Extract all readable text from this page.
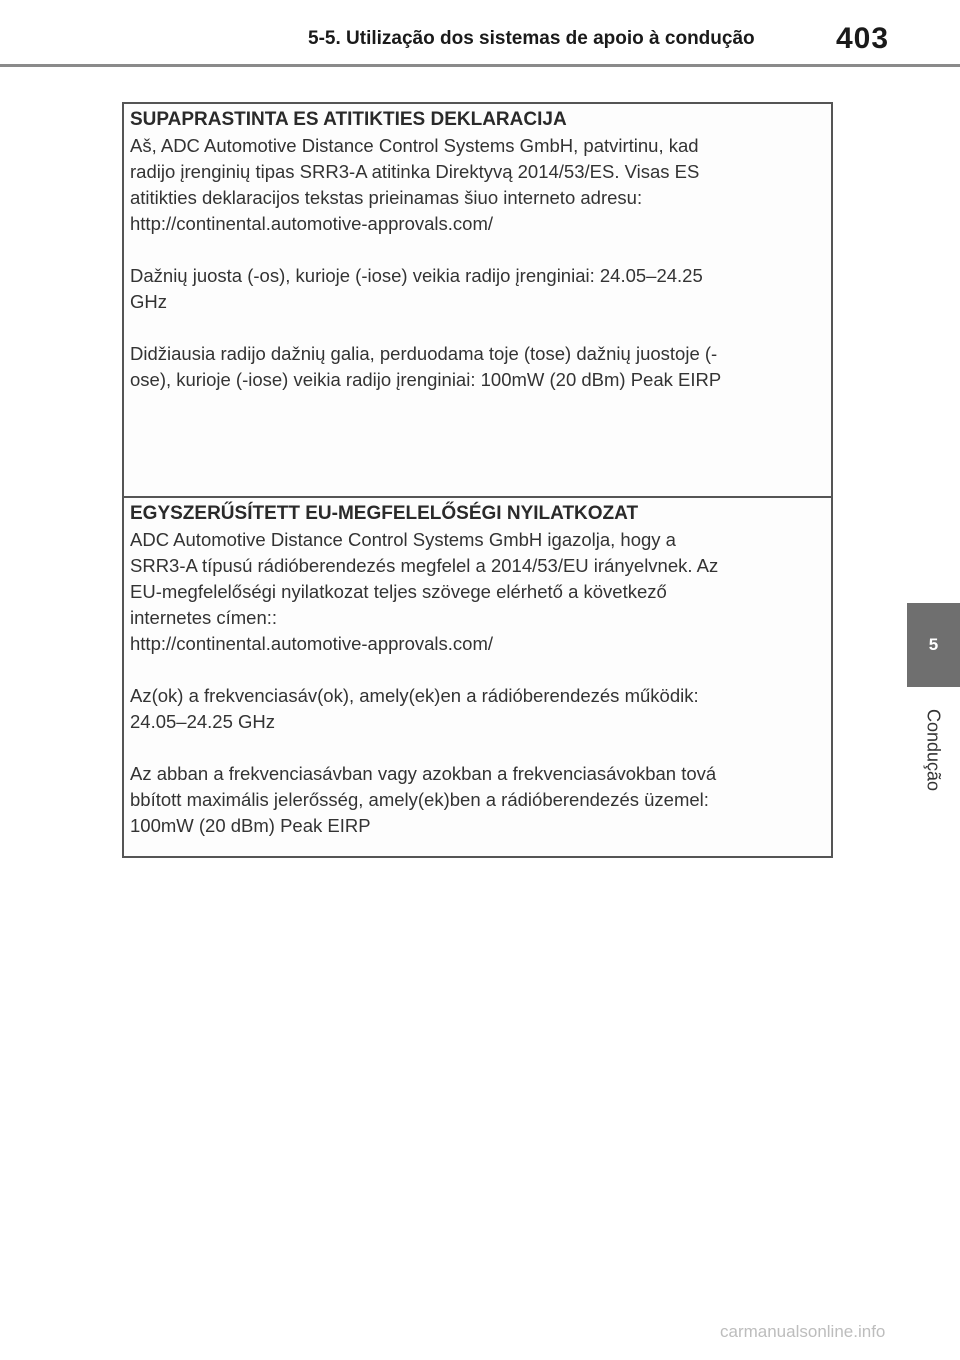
5-5. Utilização dos sistemas de apoio à condução	403
5
Condução
SUPAPRASTINTA ES ATITIKTIES DEKLARACIJA
Aš, ADC Automotive Distance Control Systems GmbH, patvirtinu, kad
radijo įrenginių tipas SRR3-A atitinka Direktyvą 2014/53/ES. Visas ES
atitikties deklaracijos tekstas prieinamas šiuo interneto adresu:
http://continental.automotive-approvals.com/
Dažnių juosta (-os), kurioje (-iose) veikia radijo įrenginiai: 24.05–24.25
GHz
Didžiausia radijo dažnių galia, perduodama toje (tose) dažnių juostoje (-
ose), kurioje (-iose) veikia radijo įrenginiai: 100mW (20 dBm) Peak EIRP
EGYSZERŰSÍTETT EU-MEGFELELŐSÉGI NYILATKOZAT
ADC Automotive Distance Control Systems GmbH igazolja, hogy a
SRR3-A típusú rádióberendezés megfelel a 2014/53/EU irányelvnek. Az
EU-megfelelőségi nyilatkozat teljes szövege elérhető a következő
internetes címen::
http://continental.automotive-approvals.com/
Az(ok) a frekvenciasáv(ok), amely(ek)en a rádióberendezés működik:
24.05–24.25 GHz
Az abban a frekvenciasávban vagy azokban a frekvenciasávokban tová
bbított maximális jelerősség, amely(ek)ben a rádióberendezés üzemel:
100mW (20 dBm) Peak EIRP
carmanualsonline.info
